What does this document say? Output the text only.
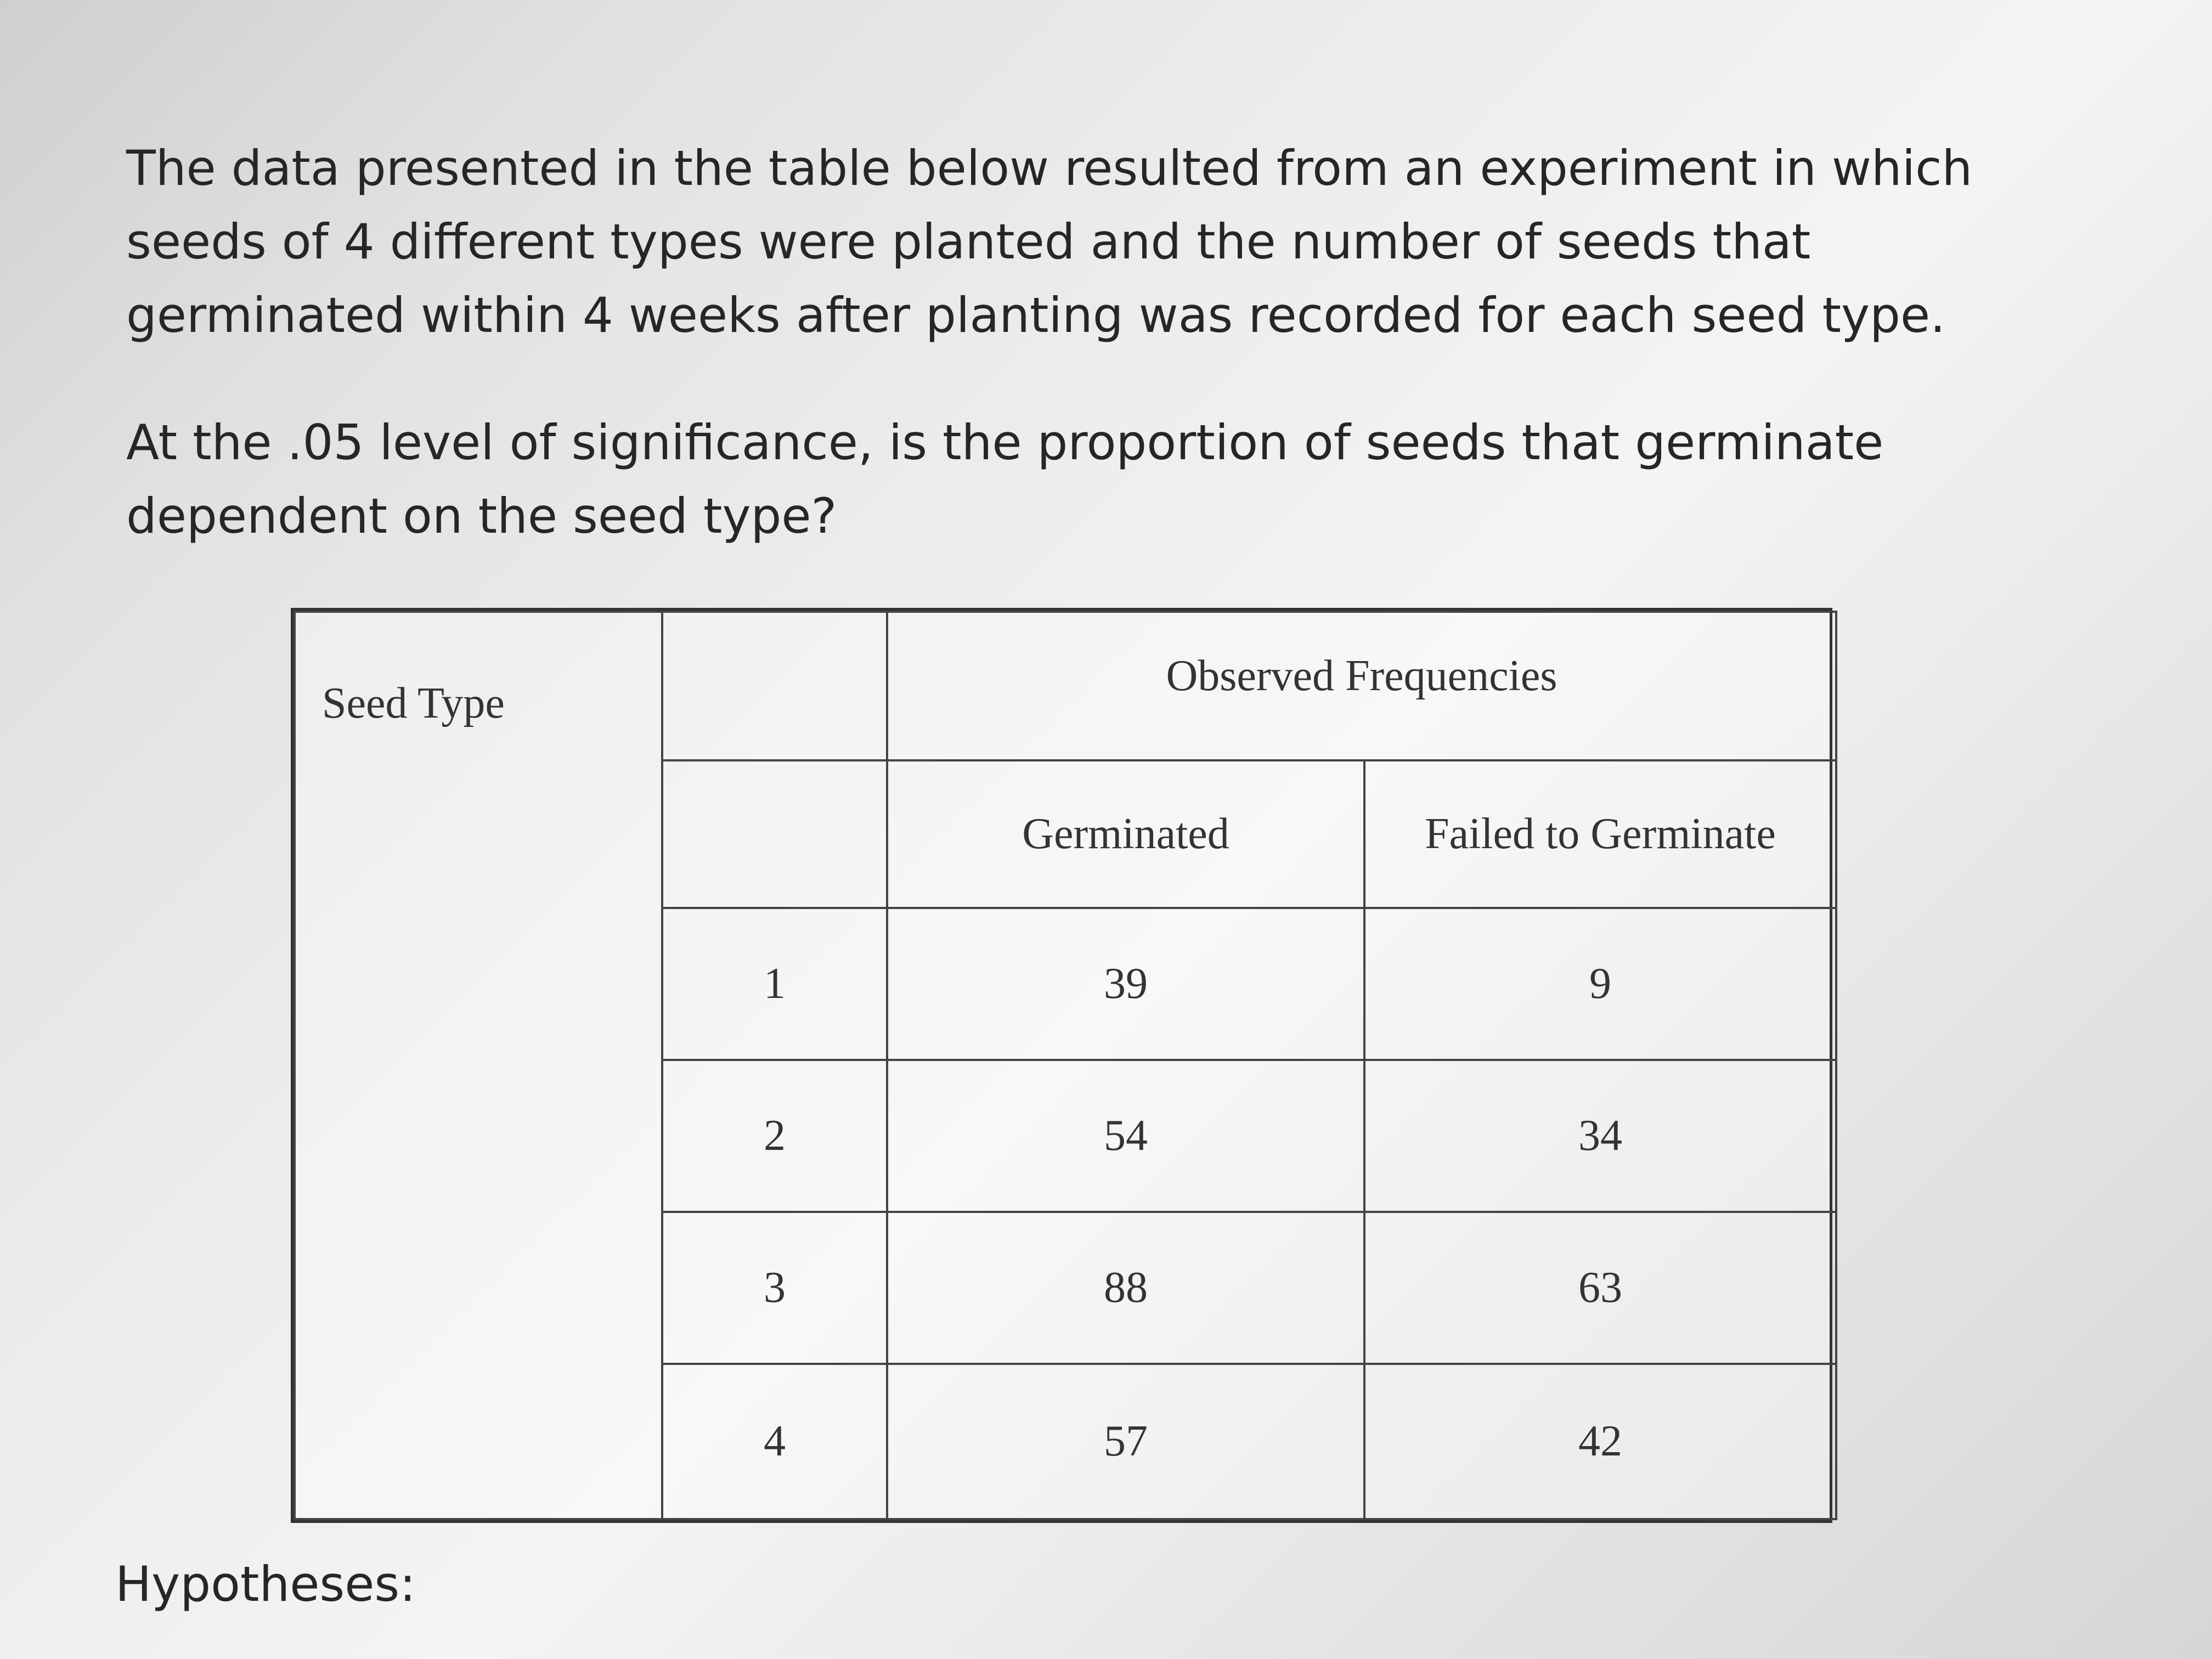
The data presented in the table below resulted from an experiment in which seeds of 4 different types were planted and the number of seeds that germinated within 4 weeks after planting was recorded for each seed type.

At the .05 level of significance, is the proportion of seeds that germinate dependent on the seed type?

Seed Type		Observed Frequencies	
		Germinated	Failed to Germinate
	1	39	9
	2	54	34
	3	88	63
	4	57	42
Hypotheses:
